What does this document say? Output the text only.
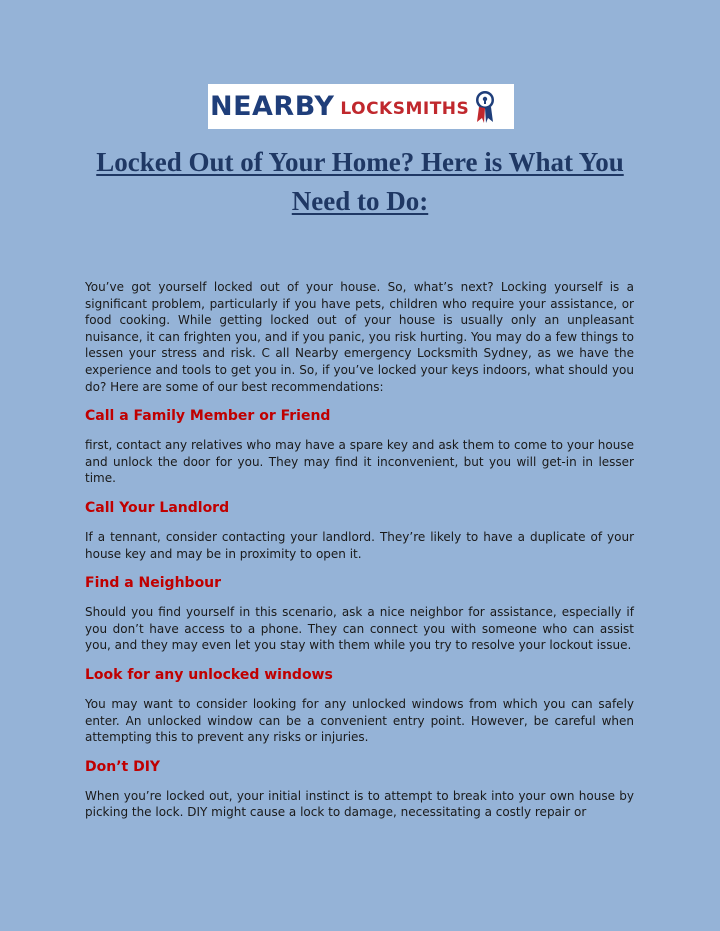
NEARBY LOCKSMITHS
Locked Out of Your Home? Here is What You Need to Do:

You’ve got yourself locked out of your house. So, what’s next? Locking yourself is a significant problem, particularly if you have pets, children who require your assistance, or food cooking. While getting locked out of your house is usually only an unpleasant nuisance, it can frighten you, and if you panic, you risk hurting. You may do a few things to lessen your stress and risk. C all Nearby emergency Locksmith Sydney, as we have the experience and tools to get you in. So, if you’ve locked your keys indoors, what should you do? Here are some of our best recommendations:

Call a Family Member or Friend

first, contact any relatives who may have a spare key and ask them to come to your house and unlock the door for you. They may find it inconvenient, but you will get-in in lesser time.

Call Your Landlord

If a tennant, consider contacting your landlord. They’re likely to have a duplicate of your house key and may be in proximity to open it.

Find a Neighbour

Should you find yourself in this scenario, ask a nice neighbor for assistance, especially if you don’t have access to a phone. They can connect you with someone who can assist you, and they may even let you stay with them while you try to resolve your lockout issue.

Look for any unlocked windows

You may want to consider looking for any unlocked windows from which you can safely enter. An unlocked window can be a convenient entry point. However, be careful when attempting this to prevent any risks or injuries.

Don’t DIY

When you’re locked out, your initial instinct is to attempt to break into your own house by picking the lock. DIY might cause a lock to damage, necessitating a costly repair or
